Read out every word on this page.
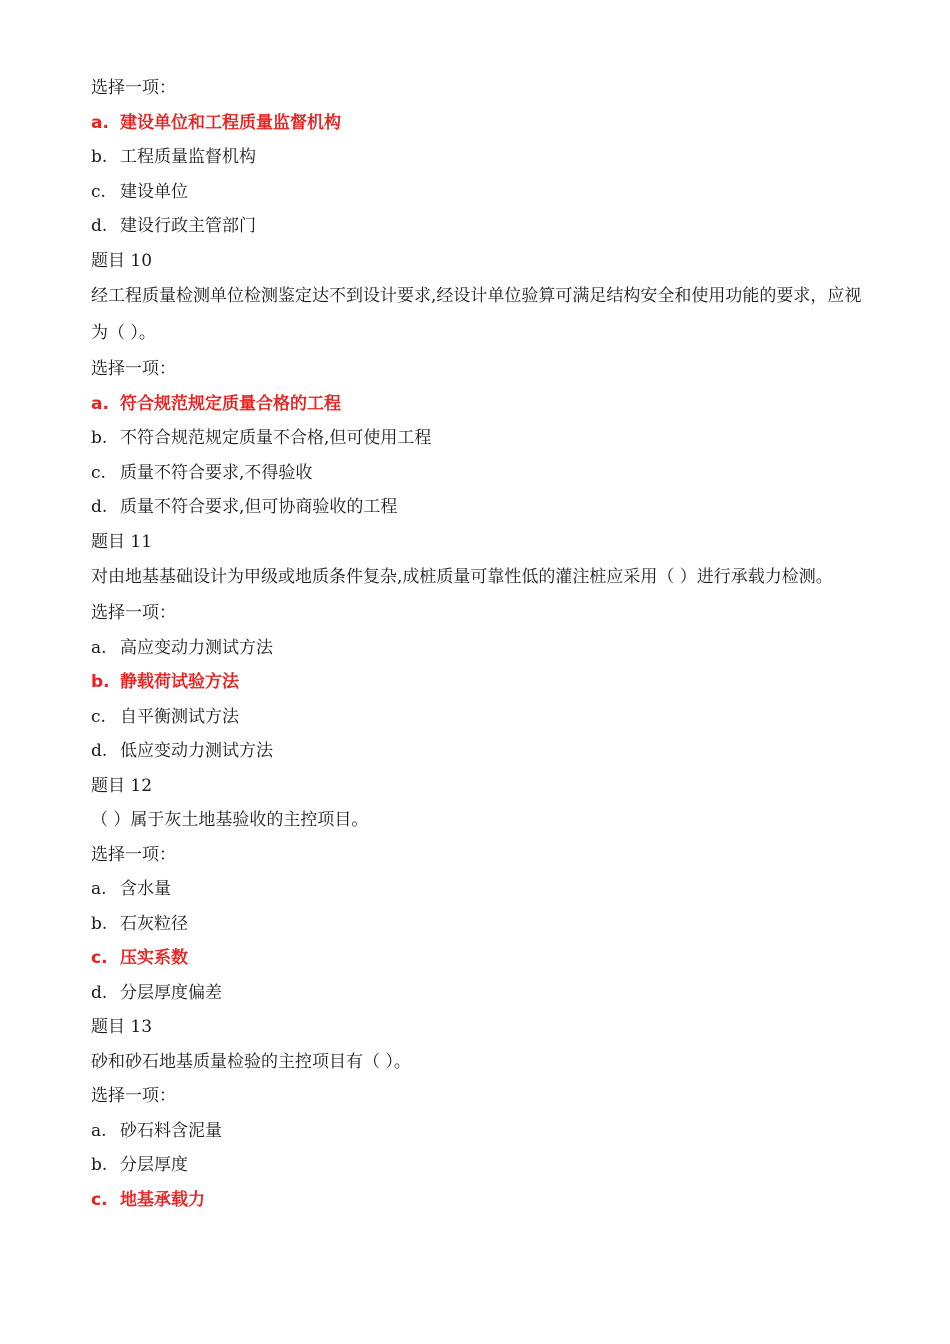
选择一项：
a. 建设单位和工程质量监督机构
b. 工程质量监督机构
c. 建设单位
d. 建设行政主管部门
题目 10
经工程质量检测单位检测鉴定达不到设计要求,经设计单位验算可满足结构安全和使用功能的要求，应视为（ ）。
选择一项：
a. 符合规范规定质量合格的工程
b. 不符合规范规定质量不合格,但可使用工程
c. 质量不符合要求,不得验收
d. 质量不符合要求,但可协商验收的工程
题目 11
对由地基基础设计为甲级或地质条件复杂,成桩质量可靠性低的灌注桩应采用（ ）进行承载力检测。
选择一项：
a. 高应变动力测试方法
b. 静载荷试验方法
c. 自平衡测试方法
d. 低应变动力测试方法
题目 12
（ ）属于灰土地基验收的主控项目。
选择一项：
a. 含水量
b. 石灰粒径
c. 压实系数
d. 分层厚度偏差
题目 13
砂和砂石地基质量检验的主控项目有（ ）。
选择一项：
a. 砂石料含泥量
b. 分层厚度
c. 地基承载力
